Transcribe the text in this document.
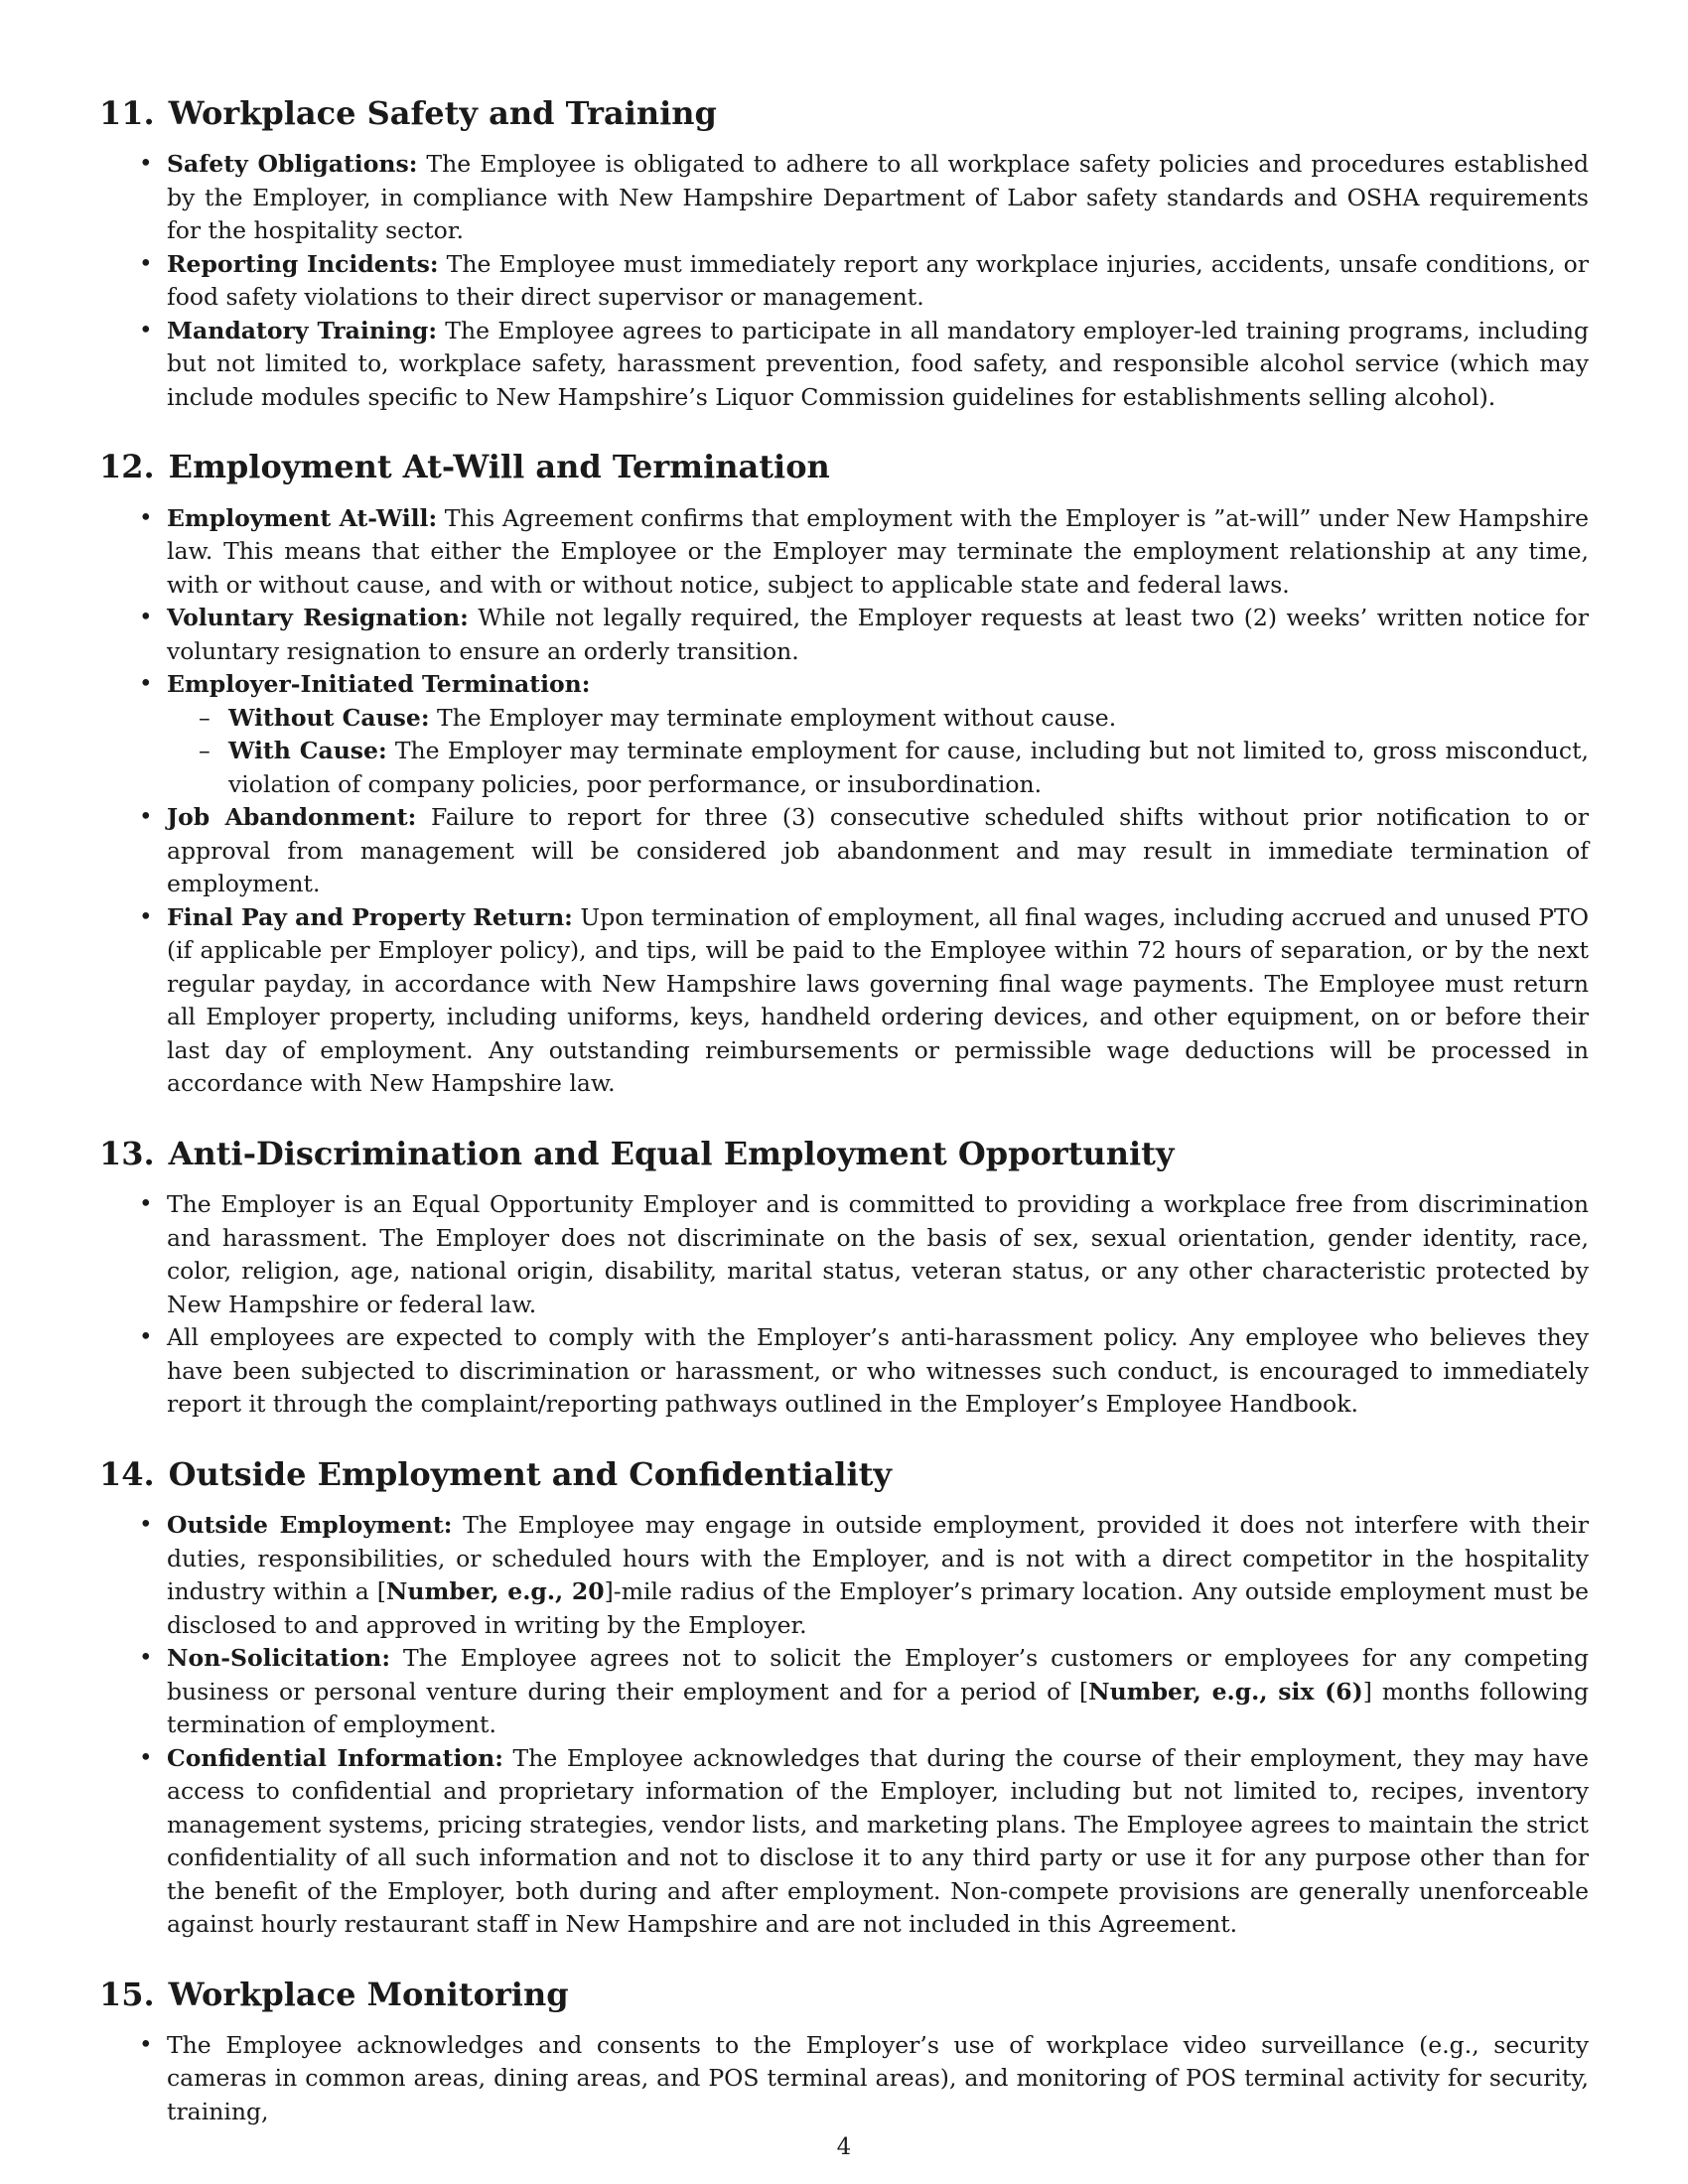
11. Workplace Safety and Training
• Safety Obligations: The Employee is obligated to adhere to all workplace safety policies and procedures established by the Employer, in compliance with New Hampshire Department of Labor safety standards and OSHA requirements for the hospitality sector.
• Reporting Incidents: The Employee must immediately report any workplace injuries, accidents, unsafe conditions, or food safety violations to their direct supervisor or management.
• Mandatory Training: The Employee agrees to participate in all mandatory employer-led training programs, including but not limited to, workplace safety, harassment prevention, food safety, and responsible alcohol service (which may include modules specific to New Hampshire’s Liquor Commission guidelines for establishments selling alcohol).
12. Employment At-Will and Termination
• Employment At-Will: This Agreement confirms that employment with the Employer is ”at-will” under New Hampshire law. This means that either the Employee or the Employer may terminate the employment relationship at any time, with or without cause, and with or without notice, subject to applicable state and federal laws.
• Voluntary Resignation: While not legally required, the Employer requests at least two (2) weeks’ written notice for voluntary resignation to ensure an orderly transition.
• Employer-Initiated Termination:
– Without Cause: The Employer may terminate employment without cause.
– With Cause: The Employer may terminate employment for cause, including but not limited to, gross misconduct, violation of company policies, poor performance, or insubordination.
• Job Abandonment: Failure to report for three (3) consecutive scheduled shifts without prior notification to or approval from management will be considered job abandonment and may result in immediate termination of employment.
• Final Pay and Property Return: Upon termination of employment, all final wages, including accrued and unused PTO (if applicable per Employer policy), and tips, will be paid to the Employee within 72 hours of separation, or by the next regular payday, in accordance with New Hampshire laws governing final wage payments. The Employee must return all Employer property, including uniforms, keys, handheld ordering devices, and other equipment, on or before their last day of employment. Any outstanding reimbursements or permissible wage deductions will be processed in accordance with New Hampshire law.
13. Anti-Discrimination and Equal Employment Opportunity
• The Employer is an Equal Opportunity Employer and is committed to providing a workplace free from discrimination and harassment. The Employer does not discriminate on the basis of sex, sexual orientation, gender identity, race, color, religion, age, national origin, disability, marital status, veteran status, or any other characteristic protected by New Hampshire or federal law.
• All employees are expected to comply with the Employer’s anti-harassment policy. Any employee who believes they have been subjected to discrimination or harassment, or who witnesses such conduct, is encouraged to immediately report it through the complaint/reporting pathways outlined in the Employer’s Employee Handbook.
14. Outside Employment and Confidentiality
• Outside Employment: The Employee may engage in outside employment, provided it does not interfere with their duties, responsibilities, or scheduled hours with the Employer, and is not with a direct competitor in the hospitality industry within a [Number, e.g., 20]-mile radius of the Employer’s primary location. Any outside employment must be disclosed to and approved in writing by the Employer.
• Non-Solicitation: The Employee agrees not to solicit the Employer’s customers or employees for any competing business or personal venture during their employment and for a period of [Number, e.g., six (6)] months following termination of employment.
• Confidential Information: The Employee acknowledges that during the course of their employment, they may have access to confidential and proprietary information of the Employer, including but not limited to, recipes, inventory management systems, pricing strategies, vendor lists, and marketing plans. The Employee agrees to maintain the strict confidentiality of all such information and not to disclose it to any third party or use it for any purpose other than for the benefit of the Employer, both during and after employment. Non-compete provisions are generally unenforceable against hourly restaurant staff in New Hampshire and are not included in this Agreement.
15. Workplace Monitoring
• The Employee acknowledges and consents to the Employer’s use of workplace video surveillance (e.g., security cameras in common areas, dining areas, and POS terminal areas), and monitoring of POS terminal activity for security, training,
4
